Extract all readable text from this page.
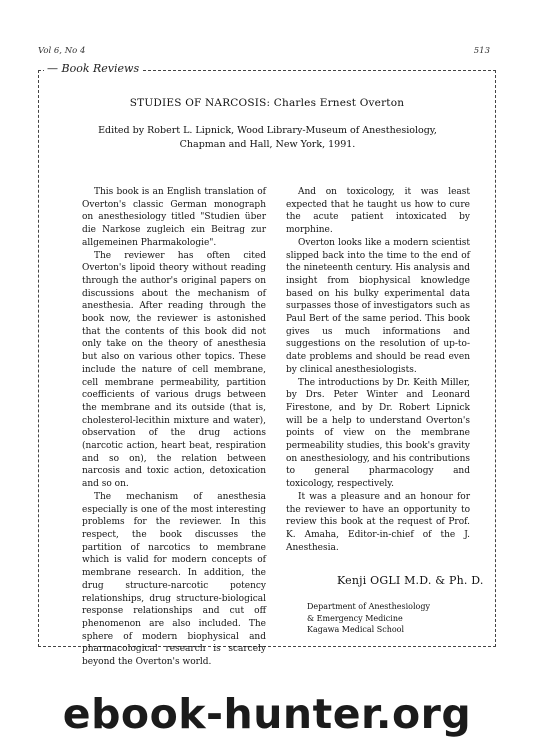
Vol 6, No 4	513
— Book Reviews
STUDIES OF NARCOSIS: Charles Ernest Overton
Edited by Robert L. Lipnick, Wood Library-Museum of Anesthesiology, Chapman and Hall, New York, 1991.

This book is an English translation of Overton's classic German monograph on anesthesiology titled "Studien über die Narkose zugleich ein Beitrag zur allgemeinen Pharmakologie".

The reviewer has often cited Overton's lipoid theory without reading through the author's original papers on discussions about the mechanism of anesthesia. After reading through the book now, the reviewer is astonished that the contents of this book did not only take on the theory of anesthesia but also on various other topics. These include the nature of cell membrane, cell membrane permeability, partition coefficients of various drugs between the membrane and its outside (that is, cholesterol-lecithin mixture and water), observation of the drug actions (narcotic action, heart beat, respiration and so on), the relation between narcosis and toxic action, detoxication and so on.

The mechanism of anesthesia especially is one of the most interesting problems for the reviewer. In this respect, the book discusses the partition of narcotics to membrane which is valid for modern concepts of membrane research. In addition, the drug structure-narcotic potency relationships, drug structure-biological response relationships and cut off phenomenon are also included. The sphere of modern biophysical and pharmacological research is scarcely beyond the Overton's world.

And on toxicology, it was least expected that he taught us how to cure the acute patient intoxicated by morphine.

Overton looks like a modern scientist slipped back into the time to the end of the nineteenth century. His analysis and insight from biophysical knowledge based on his bulky experimental data surpasses those of investigators such as Paul Bert of the same period. This book gives us much informations and suggestions on the resolution of up-to-date problems and should be read even by clinical anesthesiologists.

The introductions by Dr. Keith Miller, by Drs. Peter Winter and Leonard Firestone, and by Dr. Robert Lipnick will be a help to understand Overton's points of view on the membrane permeability studies, this book's gravity on anesthesiology, and his contributions to general pharmacology and toxicology, respectively.

It was a pleasure and an honour for the reviewer to have an opportunity to review this book at the request of Prof. K. Amaha, Editor-in-chief of the J. Anesthesia.

Kenji OGLI M.D. & Ph. D.
Department of Anesthesiology
& Emergency Medicine
Kagawa Medical School
ebook-hunter.org
